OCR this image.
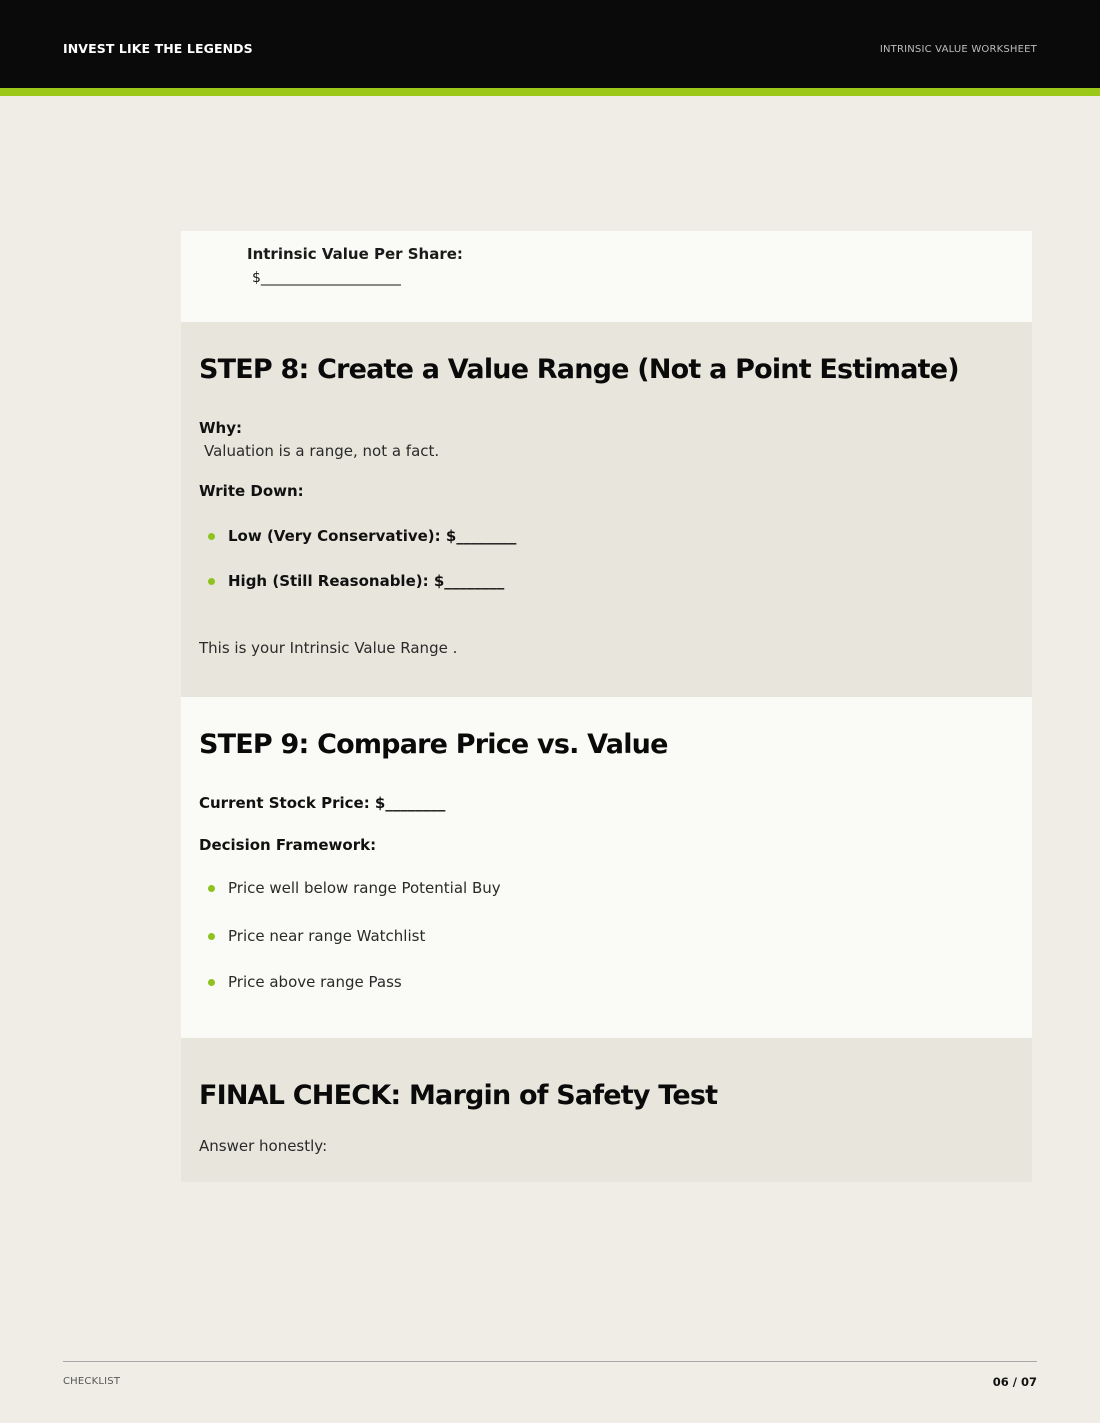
INVEST LIKE THE LEGENDS	INTRINSIC VALUE WORKSHEET
Intrinsic Value Per Share:
$____________________
STEP 8: Create a Value Range (Not a Point Estimate)
Why:
Valuation is a range, not a fact.
Write Down:
Low (Very Conservative): $________
High (Still Reasonable): $________
This is your Intrinsic Value Range .
STEP 9: Compare Price vs. Value
Current Stock Price: $________
Decision Framework:
Price well below range Potential Buy
Price near range Watchlist
Price above range Pass
FINAL CHECK: Margin of Safety Test
Answer honestly:
CHECKLIST	06 / 07
